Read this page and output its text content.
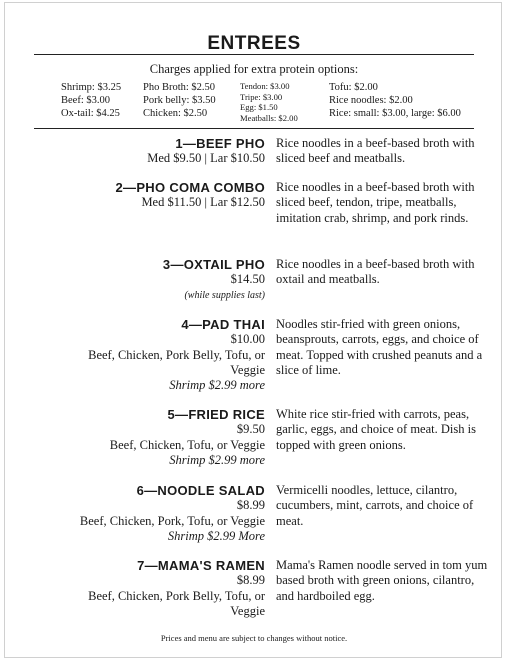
ENTREES
Charges applied for extra protein options:
Shrimp: $3.25
Beef: $3.00
Ox-tail: $4.25
Pho Broth: $2.50
Pork belly: $3.50
Chicken: $2.50
Tendon: $3.00
Tripe: $3.00
Egg: $1.50
Meatballs: $2.00
Tofu: $2.00
Rice noodles: $2.00
Rice: small: $3.00, large: $6.00
1—BEEF PHO
Med $9.50 | Lar $10.50
Rice noodles in a beef-based broth with sliced beef and meatballs.
2—PHO COMA COMBO
Med $11.50 | Lar $12.50
Rice noodles in a beef-based broth with sliced beef, tendon, tripe, meatballs, imitation crab, shrimp, and pork rinds.
3—OXTAIL PHO
$14.50
(while supplies last)
Rice noodles in a beef-based broth with oxtail and meatballs.
4—PAD THAI
$10.00
Beef, Chicken, Pork Belly, Tofu, or
Veggie
Shrimp $2.99 more
Noodles stir-fried with green onions, beansprouts, carrots, eggs, and choice of meat. Topped with crushed peanuts and a slice of lime.
5—FRIED RICE
$9.50
Beef, Chicken, Tofu, or Veggie
Shrimp $2.99 more
White rice stir-fried with carrots, peas, garlic, eggs, and choice of meat. Dish is topped with green onions.
6—NOODLE SALAD
$8.99
Beef, Chicken, Pork, Tofu, or Veggie
Shrimp $2.99 More
Vermicelli noodles, lettuce, cilantro, cucumbers, mint, carrots, and choice of meat.
7—MAMA'S RAMEN
$8.99
Beef, Chicken, Pork Belly, Tofu, or
Veggie
Mama's Ramen noodle served in tom yum based broth with green onions, cilantro, and hardboiled egg.
Prices and menu are subject to changes without notice.
